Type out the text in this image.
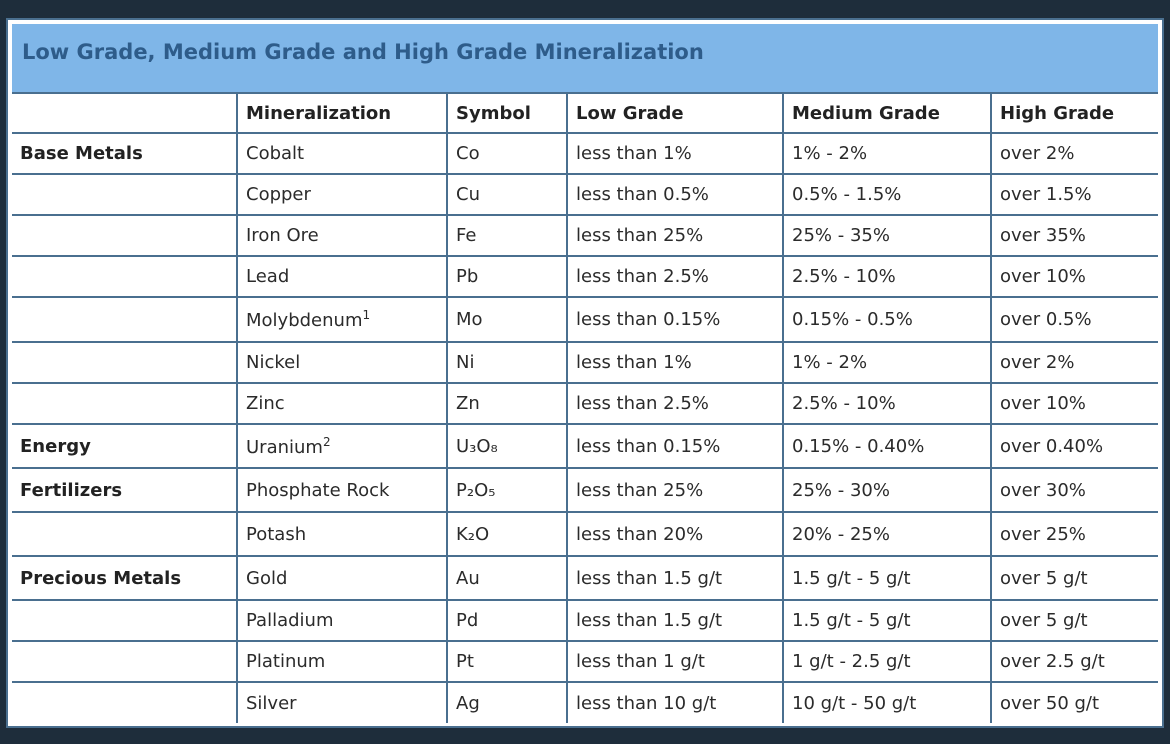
Low Grade, Medium Grade and High Grade Mineralization
	Mineralization	Symbol	Low Grade	Medium Grade	High Grade
Base Metals	Cobalt	Co	less than 1%	1% - 2%	over 2%
	Copper	Cu	less than 0.5%	0.5% - 1.5%	over 1.5%
	Iron Ore	Fe	less than 25%	25% - 35%	over 35%
	Lead	Pb	less than 2.5%	2.5% - 10%	over 10%
	Molybdenum$^1$	Mo	less than 0.15%	0.15% - 0.5%	over 0.5%
	Nickel	Ni	less than 1%	1% - 2%	over 2%
	Zinc	Zn	less than 2.5%	2.5% - 10%	over 10%
Energy	Uranium$^2$	U₃O₈	less than 0.15%	0.15% - 0.40%	over 0.40%
Fertilizers	Phosphate Rock	P₂O₅	less than 25%	25% - 30%	over 30%
	Potash	K₂O	less than 20%	20% - 25%	over 25%
Precious Metals	Gold	Au	less than 1.5 g/t	1.5 g/t - 5 g/t	over 5 g/t
	Palladium	Pd	less than 1.5 g/t	1.5 g/t - 5 g/t	over 5 g/t
	Platinum	Pt	less than 1 g/t	1 g/t - 2.5 g/t	over 2.5 g/t
	Silver	Ag	less than 10 g/t	10 g/t - 50 g/t	over 50 g/t
